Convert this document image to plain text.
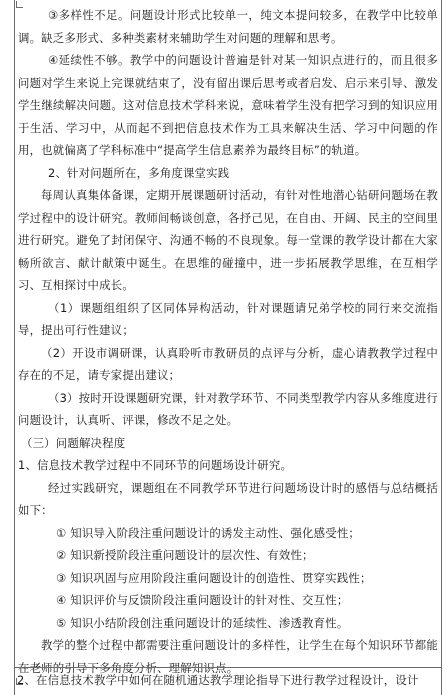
③多样性不足。问题设计形式比较单一，纯文本提问较多，在教学中比较单调。缺乏多形式、多种类素材来辅助学生对问题的理解和思考。

④延续性不够。教学中的问题设计普遍是针对某一知识点进行的，而且很多问题对学生来说上完课就结束了，没有留出课后思考或者启发、启示来引导、激发学生继续解决问题。这对信息技术学科来说，意味着学生没有把学习到的知识应用于生活、学习中，从而起不到把信息技术作为工具来解决生活、学习中问题的作用，也就偏离了学科标准中“提高学生信息素养为最终目标”的轨道。

2、针对问题所在，多角度课堂实践

每周认真集体备课，定期开展课题研讨活动，有针对性地潜心钻研问题场在教学过程中的设计研究。教师间畅谈创意，各抒己见，在自由、开阔、民主的空间里进行研究。避免了封闭保守、沟通不畅的不良现象。每一堂课的教学设计都在大家畅所欲言、献计献策中诞生。在思维的碰撞中，进一步拓展教学思维，在互相学习、互相探讨中成长。

（1）课题组组织了区同体异构活动，针对课题请兄弟学校的同行来交流指导，提出可行性建议；

（2）开设市调研课，认真聆听市教研员的点评与分析，虚心请教教学过程中存在的不足，请专家提出建议；

（3）按时开设课题研究课，针对教学环节、不同类型教学内容从多维度进行问题设计，认真听、评课，修改不足之处。

（三）问题解决程度

1、信息技术教学过程中不同环节的问题场设计研究。

经过实践研究，课题组在不同教学环节进行问题场设计时的感悟与总结概括如下：

① 知识导入阶段注重问题设计的诱发主动性、强化感受性；

② 知识新授阶段注重问题设计的层次性、有效性；

③ 知识巩固与应用阶段注重问题设计的创造性、贯穿实践性；

④ 知识评价与反馈阶段注重问题设计的针对性、交互性；

⑤ 知识小结阶段创注重问题设计的延续性、渗透教育性。

教学的整个过程中都需要注重问题设计的多样性，让学生在每个知识环节都能在老师的引导下多角度分析、理解知识点。

2、在信息技术教学中如何在随机通达教学理论指导下进行教学过程设计，设计
